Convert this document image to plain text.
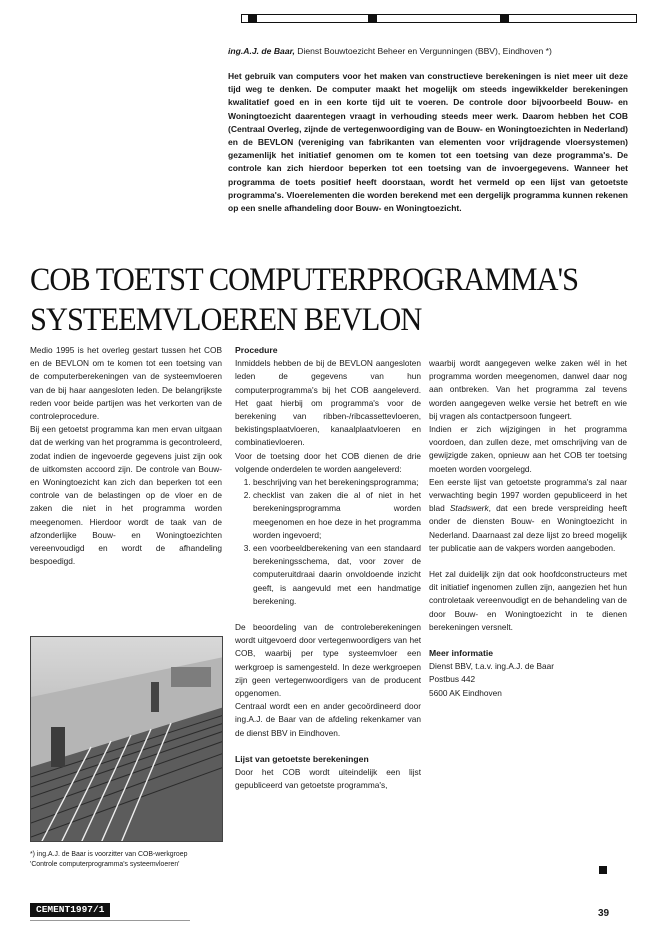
ing.A.J. de Baar, Dienst Bouwtoezicht Beheer en Vergunningen (BBV), Eindhoven *)
Het gebruik van computers voor het maken van constructieve berekeningen is niet meer uit deze tijd weg te denken. De computer maakt het mogelijk om steeds ingewikkelder berekeningen kwalitatief goed en in een korte tijd uit te voeren. De controle door bijvoorbeeld Bouw- en Woningtoezicht daarentegen vraagt in verhouding steeds meer werk. Daarom hebben het COB (Centraal Overleg, zijnde de vertegenwoordiging van de Bouw- en Woningtoezichten in Nederland) en de BEVLON (vereniging van fabrikanten van elementen voor vrijdragende vloersystemen) gezamenlijk het initiatief genomen om te komen tot een toetsing van deze programma's. De controle kan zich hierdoor beperken tot een toetsing van de invoergegevens. Wanneer het programma de toets positief heeft doorstaan, wordt het vermeld op een lijst van getoetste programma's. Vloerelementen die worden berekend met een dergelijk programma kunnen rekenen op een snelle afhandeling door Bouw- en Woningtoezicht.
COB TOETST COMPUTERPROGRAMMA'S
SYSTEEMVLOEREN BEVLON

Medio 1995 is het overleg gestart tussen het COB en de BEVLON om te komen tot een toetsing van de computerberekeningen van de systeemvloeren van de bij haar aangesloten leden. De belangrijkste reden voor beide partijen was het verkorten van de controleprocedure.

Bij een getoetst programma kan men ervan uitgaan dat de werking van het programma is gecontroleerd, zodat indien de ingevoerde gegevens juist zijn ook de uitkomsten accoord zijn. De controle van Bouw- en Woningtoezicht kan zich dan beperken tot een controle van de belastingen op de vloer en de zaken die niet in het programma worden meegenomen. Hierdoor wordt de taak van de afzonderlijke Bouw- en Woningtoezichten vereenvoudigd en wordt de afhandeling bespoedigd.

*) ing.A.J. de Baar is voorzitter van COB-werkgroep
'Controle computerprogramma's systeemvloeren'
Procedure

Inmiddels hebben de bij de BEVLON aangesloten leden de gegevens van hun computerprogramma's bij het COB aangeleverd. Het gaat hierbij om programma's voor de berekening van ribben-/ribcassettevloeren, bekistingsplaatvloeren, kanaalplaatvloeren en combinatievloeren.

Voor de toetsing door het COB dienen de drie volgende onderdelen te worden aangeleverd:

1. beschrijving van het berekeningsprogramma;
2. checklist van zaken die al of niet in het berekeningsprogramma worden meegenomen en hoe deze in het programma worden ingevoerd;
3. een voorbeeldberekening van een standaard berekeningsschema, dat, voor zover de computeruitdraai daarin onvoldoende inzicht geeft, is aangevuld met een handmatige berekening.

De beoordeling van de controleberekeningen wordt uitgevoerd door vertegenwoordigers van het COB, waarbij per type systeemvloer een werkgroep is samengesteld. In deze werkgroepen zijn geen vertegenwoordigers van de producent opgenomen.

Centraal wordt een en ander gecoördineerd door ing.A.J. de Baar van de afdeling rekenkamer van de dienst BBV in Eindhoven.

Lijst van getoetste berekeningen

Door het COB wordt uiteindelijk een lijst gepubliceerd van getoetste programma's,

waarbij wordt aangegeven welke zaken wél in het programma worden meegenomen, danwel daar nog aan ontbreken. Van het programma zal tevens worden aangegeven welke versie het betreft en wie bij vragen als contactpersoon fungeert.

Indien er zich wijzigingen in het programma voordoen, dan zullen deze, met omschrijving van de gewijzigde zaken, opnieuw aan het COB ter toetsing moeten worden voorgelegd.

Een eerste lijst van getoetste programma's zal naar verwachting begin 1997 worden gepubliceerd in het blad Stadswerk, dat een brede verspreiding heeft onder de diensten Bouw- en Woningtoezicht in Nederland. Daarnaast zal deze lijst zo breed mogelijk ter publicatie aan de vakpers worden aangeboden.

Het zal duidelijk zijn dat ook hoofdconstructeurs met dit initiatief ingenomen zullen zijn, aangezien het hun controletaak vereenvoudigt en de behandeling van de door Bouw- en Woningtoezicht in te dienen berekeningen versnelt.

Meer informatie

Dienst BBV, t.a.v. ing.A.J. de Baar

Postbus 442

5600 AK Eindhoven

CEMENT1997/1	39
